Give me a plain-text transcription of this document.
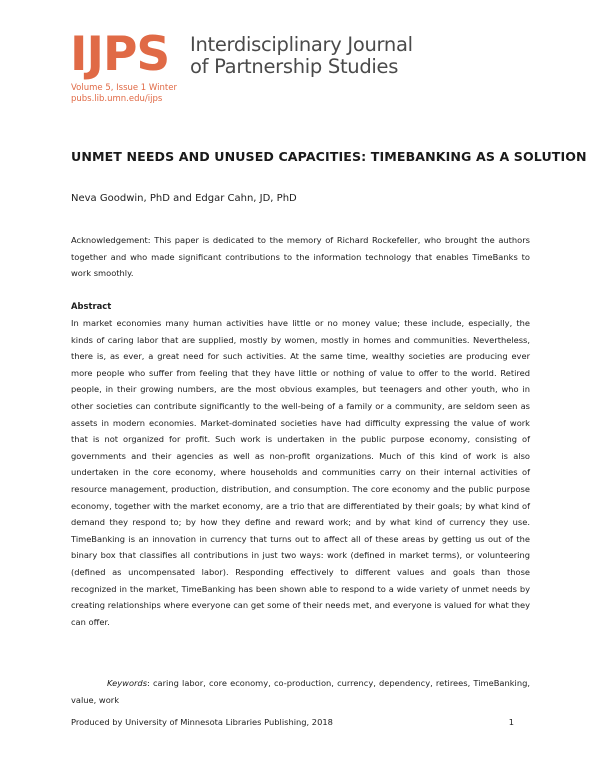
IJPS	Interdisciplinary Journal
of Partnership Studies
Volume 5, Issue 1 Winter
pubs.lib.umn.edu/ijps
UNMET NEEDS AND UNUSED CAPACITIES: TIMEBANKING AS A SOLUTION
Neva Goodwin, PhD and Edgar Cahn, JD, PhD
Acknowledgement: This paper is dedicated to the memory of Richard Rockefeller, who brought the authors together and who made significant contributions to the information technology that enables TimeBanks to work smoothly.
Abstract
In market economies many human activities have little or no money value; these include, especially, the kinds of caring labor that are supplied, mostly by women, mostly in homes and communities. Nevertheless, there is, as ever, a great need for such activities. At the same time, wealthy societies are producing ever more people who suffer from feeling that they have little or nothing of value to offer to the world. Retired people, in their growing numbers, are the most obvious examples, but teenagers and other youth, who in other societies can contribute significantly to the well-being of a family or a community, are seldom seen as assets in modern economies. Market-dominated societies have had difficulty expressing the value of work that is not organized for profit. Such work is undertaken in the public purpose economy, consisting of governments and their agencies as well as non-profit organizations. Much of this kind of work is also undertaken in the core economy, where households and communities carry on their internal activities of resource management, production, distribution, and consumption. The core economy and the public purpose economy, together with the market economy, are a trio that are differentiated by their goals; by what kind of demand they respond to; by how they define and reward work; and by what kind of currency they use. TimeBanking is an innovation in currency that turns out to affect all of these areas by getting us out of the binary box that classifies all contributions in just two ways: work (defined in market terms), or volunteering (defined as uncompensated labor). Responding effectively to different values and goals than those recognized in the market, TimeBanking has been shown able to respond to a wide variety of unmet needs by creating relationships where everyone can get some of their needs met, and everyone is valued for what they can offer.
Keywords: caring labor, core economy, co-production, currency, dependency, retirees, TimeBanking, value, work
Produced by University of Minnesota Libraries Publishing, 2018	1
